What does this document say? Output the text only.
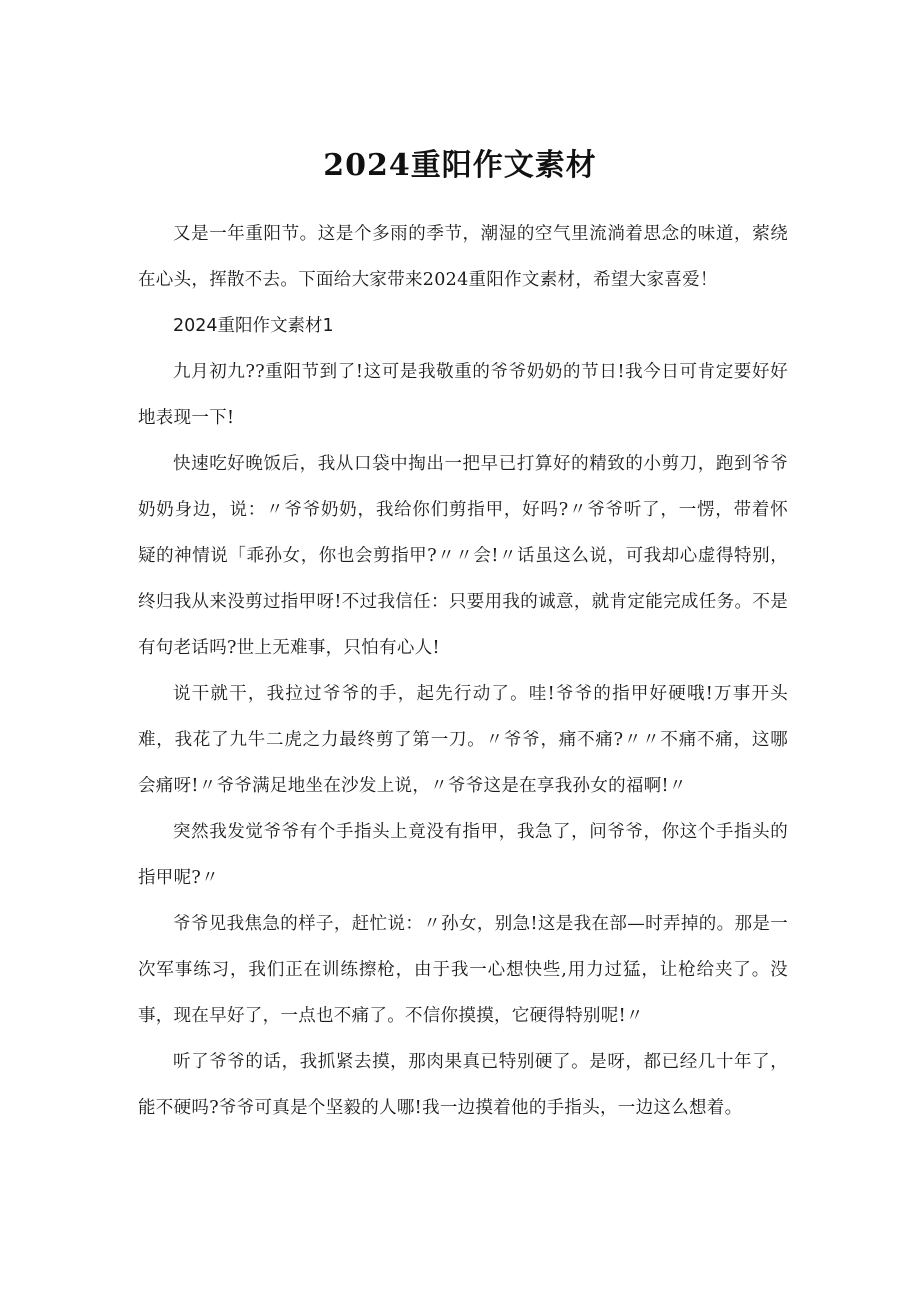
2024重阳作文素材

又是一年重阳节。这是个多雨的季节，潮湿的空气里流淌着思念的味道，萦绕在心头，挥散不去。下面给大家带来2024重阳作文素材，希望大家喜爱！

2024重阳作文素材1

九月初九??重阳节到了!这可是我敬重的爷爷奶奶的节日!我今日可肯定要好好地表现一下!

快速吃好晚饭后，我从口袋中掏出一把早已打算好的精致的小剪刀，跑到爷爷奶奶身边，说：〃爷爷奶奶，我给你们剪指甲，好吗?〃爷爷听了，一愣，带着怀疑的神情说「乖孙女，你也会剪指甲?〃〃会!〃话虽这么说，可我却心虚得特别，终归我从来没剪过指甲呀!不过我信任：只要用我的诚意，就肯定能完成任务。不是有句老话吗?世上无难事，只怕有心人!

说干就干，我拉过爷爷的手，起先行动了。哇!爷爷的指甲好硬哦!万事开头难，我花了九牛二虎之力最终剪了第一刀。〃爷爷，痛不痛?〃〃不痛不痛，这哪会痛呀!〃爷爷满足地坐在沙发上说，〃爷爷这是在享我孙女的福啊!〃

突然我发觉爷爷有个手指头上竟没有指甲，我急了，问爷爷，你这个手指头的指甲呢?〃

爷爷见我焦急的样子，赶忙说：〃孙女，别急!这是我在部—时弄掉的。那是一次军事练习，我们正在训练擦枪，由于我一心想快些,用力过猛，让枪给夹了。没事，现在早好了，一点也不痛了。不信你摸摸，它硬得特别呢!〃

听了爷爷的话，我抓紧去摸，那肉果真已特别硬了。是呀，都已经几十年了，能不硬吗?爷爷可真是个坚毅的人哪!我一边摸着他的手指头，一边这么想着。
